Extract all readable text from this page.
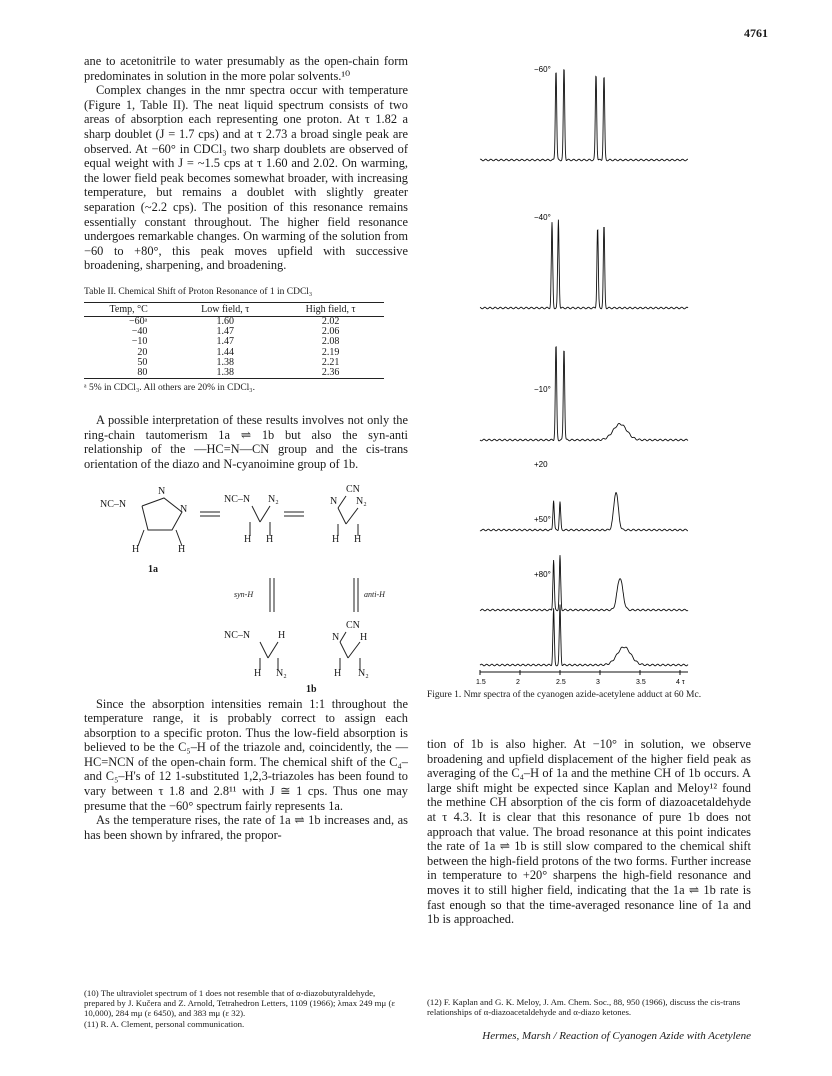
4761

ane to acetonitrile to water presumably as the open-chain form predominates in solution in the more polar solvents.¹⁰

Complex changes in the nmr spectra occur with temperature (Figure 1, Table II). The neat liquid spectrum consists of two areas of absorption each representing one proton. At τ 1.82 a sharp doublet (J = 1.7 cps) and at τ 2.73 a broad single peak are observed. At −60° in CDCl₃ two sharp doublets are observed of equal weight with J = ~1.5 cps at τ 1.60 and 2.02. On warming, the lower field peak becomes somewhat broader, with increasing temperature, but remains a doublet with slightly greater separation (~2.2 cps). The position of this resonance remains essentially constant throughout. The higher field resonance undergoes remarkable changes. On warming of the solution from −60 to +80°, this peak moves upfield with successive broadening, sharpening, and broadening.

Table II. Chemical Shift of Proton Resonance of 1 in CDCl₃
Temp, °C	Low field, τ	High field, τ
−60ᵃ	1.60	2.02
−40	1.47	2.06
−10	1.47	2.08
20	1.44	2.19
50	1.38	2.21
80	1.38	2.36
ᵃ 5% in CDCl₃. All others are 20% in CDCl₃.

A possible interpretation of these results involves not only the ring-chain tautomerism 1a ⇌ 1b but also the syn-anti relationship of the —HC=N—CN group and the cis-trans orientation of the diazo and N-cyanoimine group of 1b.

NC–N
N
N
H	H
1a
NC–N N₂
H H
CN
N N₂
H H
syn-H	anti-H
NC–N	H
H N₂
CN
N H
H N₂
1b

Since the absorption intensities remain 1:1 throughout the temperature range, it is probably correct to assign each absorption to a specific proton. Thus the low-field absorption is believed to be the C₅–H of the triazole and, coincidently, the —HC=NCN of the open-chain form. The chemical shift of the C₄– and C₅–H's of 12 1-substituted 1,2,3-triazoles has been found to vary between τ 1.8 and 2.8¹¹ with J ≅ 1 cps. Thus one may presume that the −60° spectrum fairly represents 1a.

As the temperature rises, the rate of 1a ⇌ 1b increases and, as has been shown by infrared, the propor-

(10) The ultraviolet spectrum of 1 does not resemble that of α-diazobutyraldehyde, prepared by J. Kučera and Z. Arnold, Tetrahedron Letters, 1109 (1966); λmax 249 mμ (ε 10,000), 284 mμ (ε 6450), and 383 mμ (ε 32).
(11) R. A. Clement, personal communication.
−60°
−40°
−10°
+20
+50°
+80°
1.5	2	2.5	3	3.5	4 τ
Figure 1. Nmr spectra of the cyanogen azide-acetylene adduct at 60 Mc.

tion of 1b is also higher. At −10° in solution, we observe broadening and upfield displacement of the higher field peak as averaging of the C₄–H of 1a and the methine CH of 1b occurs. A large shift might be expected since Kaplan and Meloy¹² found the methine CH absorption of the cis form of diazoacetaldehyde at τ 4.3. It is clear that this resonance of pure 1b does not approach that value. The broad resonance at this point indicates the rate of 1a ⇌ 1b is still slow compared to the chemical shift between the high-field protons of the two forms. Further increase in temperature to +20° sharpens the high-field resonance and moves it to still higher field, indicating that the 1a ⇌ 1b rate is fast enough so that the time-averaged resonance line of 1a and 1b is approached.

(12) F. Kaplan and G. K. Meloy, J. Am. Chem. Soc., 88, 950 (1966), discuss the cis-trans relationships of α-diazoacetaldehyde and α-diazo ketones.
Hermes, Marsh / Reaction of Cyanogen Azide with Acetylene
